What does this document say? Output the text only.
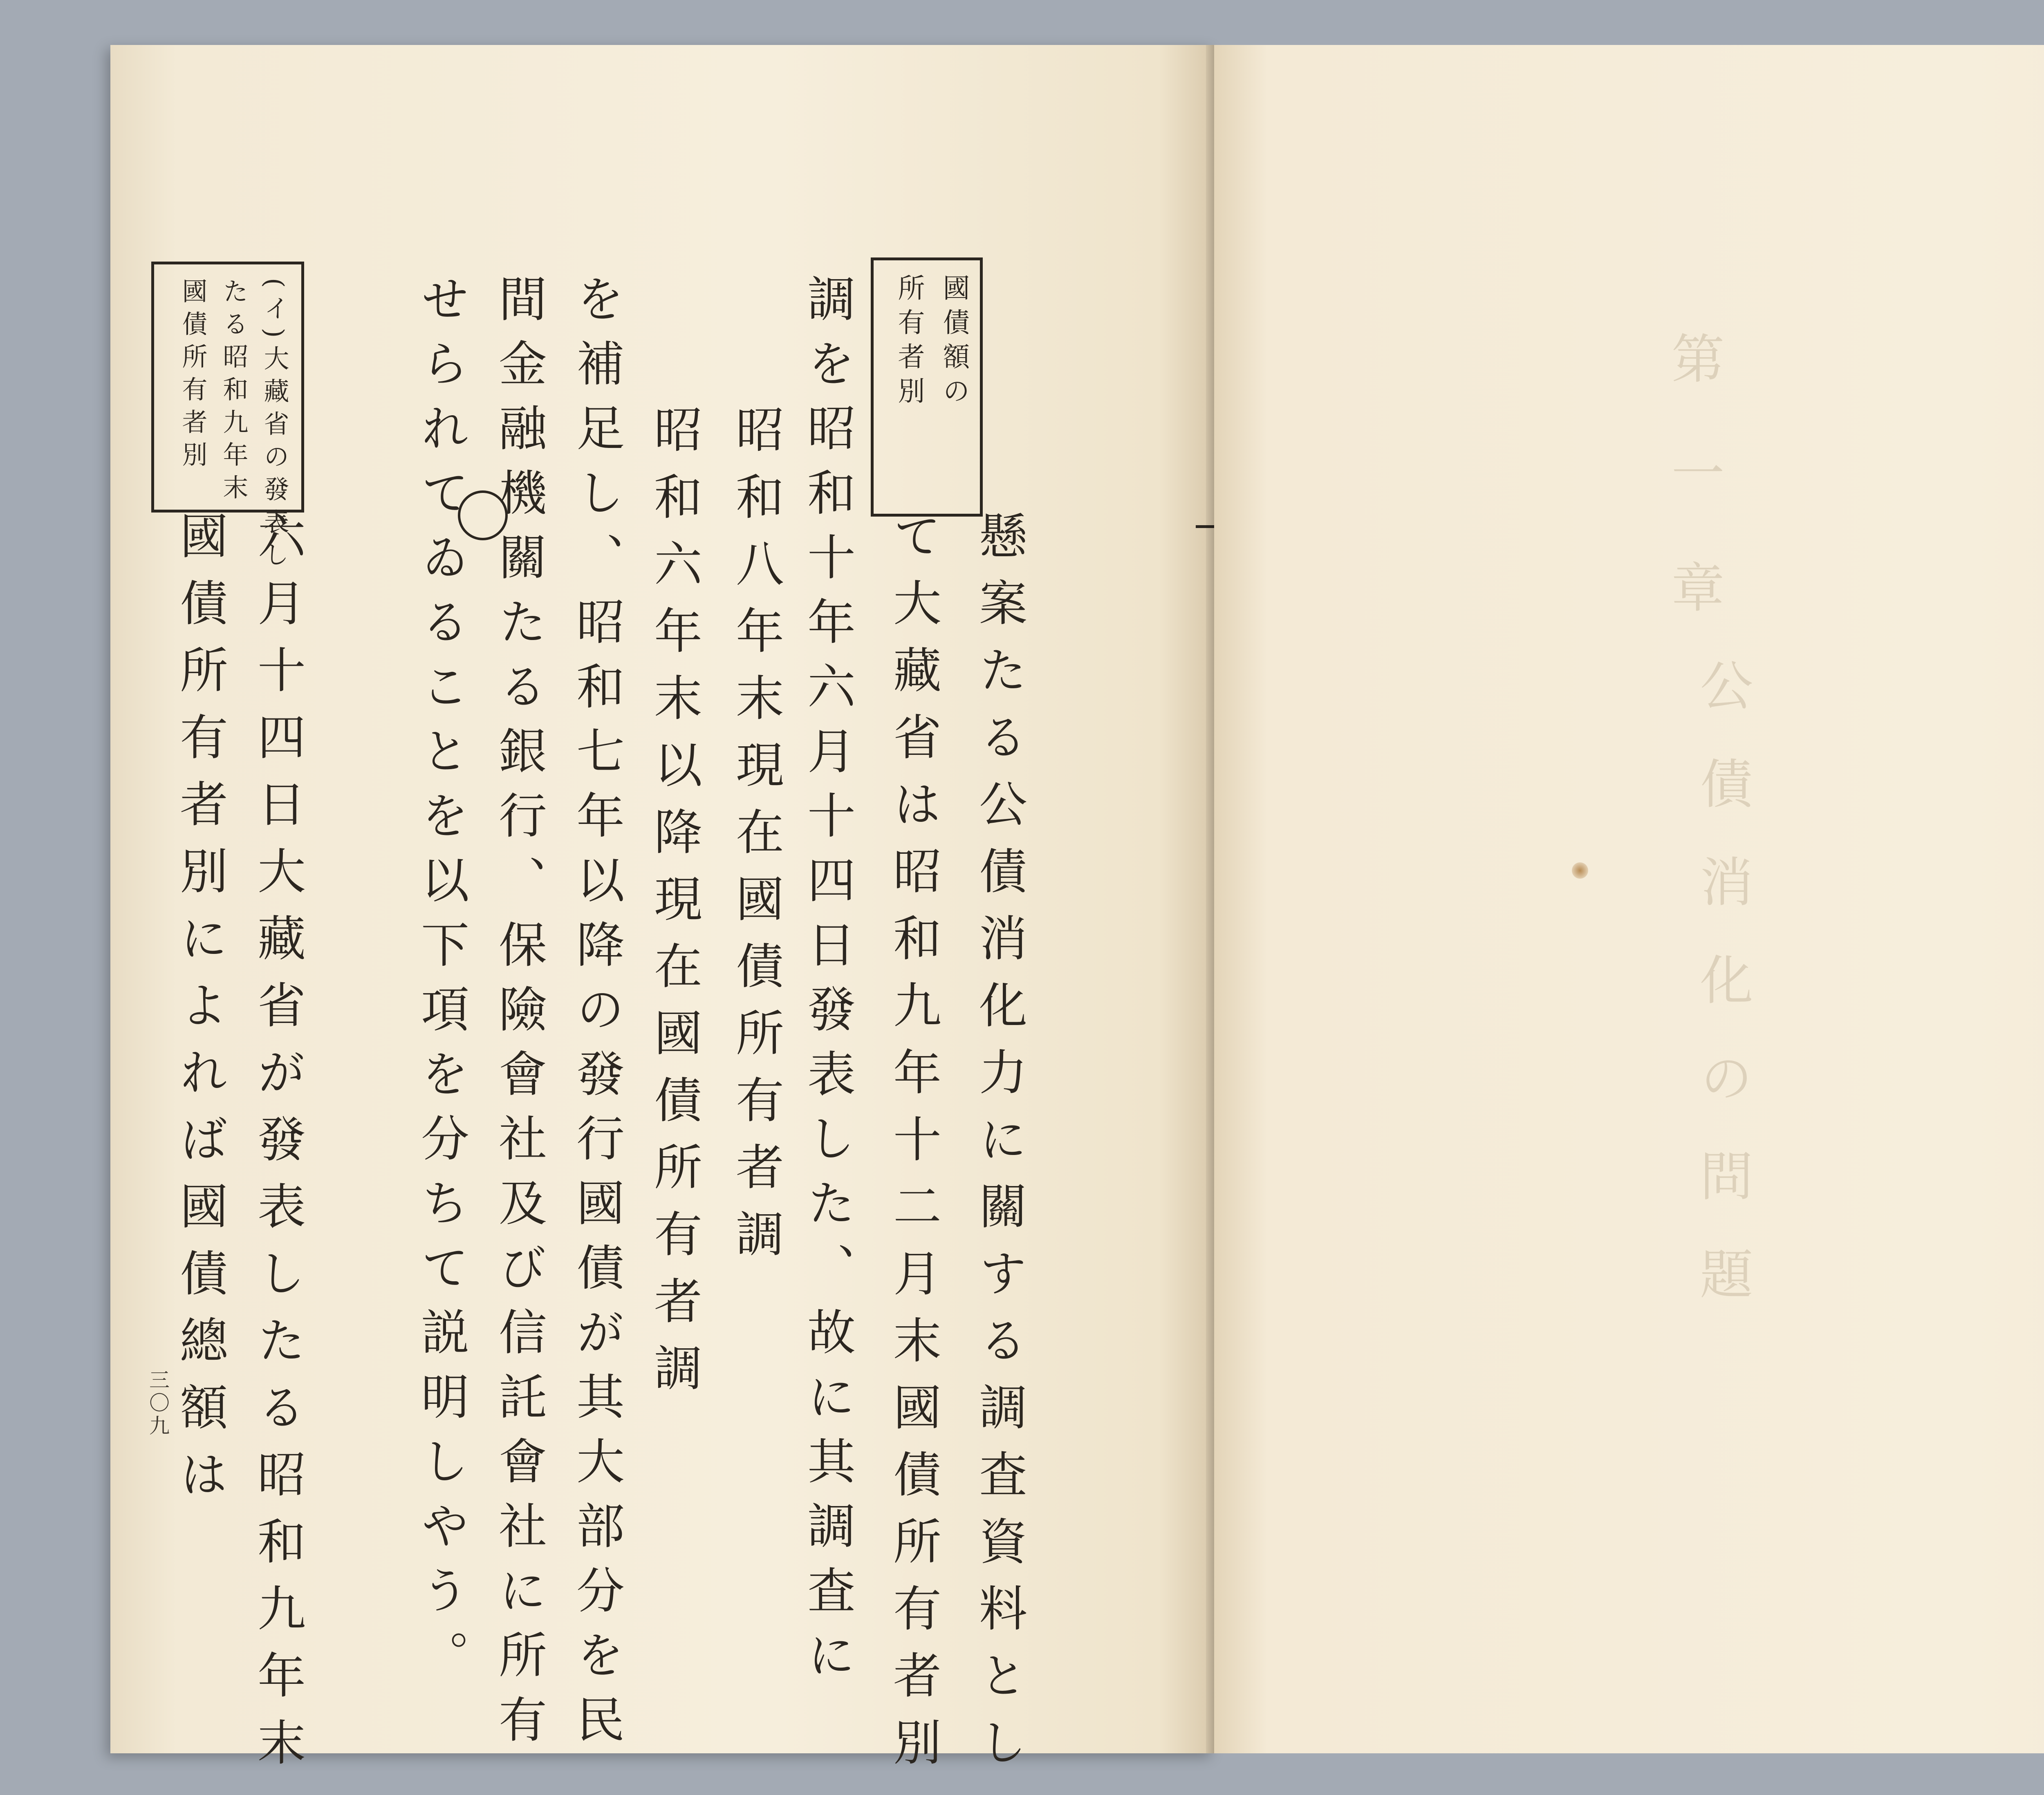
國債額の
所有者別
(イ)大藏省の發表し
たる昭和九年末
國債所有者別
懸案たる公債消化力に關する調査資料とし
て大藏省は昭和九年十二月末國債所有者別
調を昭和十年六月十四日發表した、故に其調査に
昭和八年末現在國債所有者調
昭和六年末以降現在國債所有者調
を補足し、昭和七年以降の發行國債が其大部分を民
間金融機關たる銀行、保險會社及び信託會社に所有
せられてゐることを以下項を分ちて説明しやう。
六月十四日大藏省が發表したる昭和九年末
國債所有者別によれば國債總額は
三〇九
第一章
公債消化の問題
